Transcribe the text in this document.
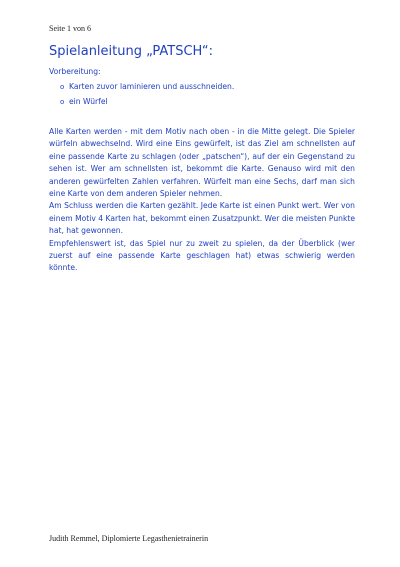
Seite 1 von 6
Spielanleitung „PATSCH“:
Vorbereitung:
o Karten zuvor laminieren und ausschneiden.
o ein Würfel

Alle Karten werden - mit dem Motiv nach oben - in die Mitte gelegt. Die Spieler würfeln abwechselnd. Wird eine Eins gewürfelt, ist das Ziel am schnellsten auf eine passende Karte zu schlagen (oder „patschen“), auf der ein Gegenstand zu sehen ist. Wer am schnellsten ist, bekommt die Karte. Genauso wird mit den anderen gewürfelten Zahlen verfahren. Würfelt man eine Sechs, darf man sich eine Karte von dem anderen Spieler nehmen.

Am Schluss werden die Karten gezählt. Jede Karte ist einen Punkt wert. Wer von einem Motiv 4 Karten hat, bekommt einen Zusatzpunkt. Wer die meisten Punkte hat, hat gewonnen.

Empfehlenswert ist, das Spiel nur zu zweit zu spielen, da der Überblick (wer zuerst auf eine passende Karte geschlagen hat) etwas schwierig werden könnte.

Judith Remmel, Diplomierte Legasthenietrainerin
